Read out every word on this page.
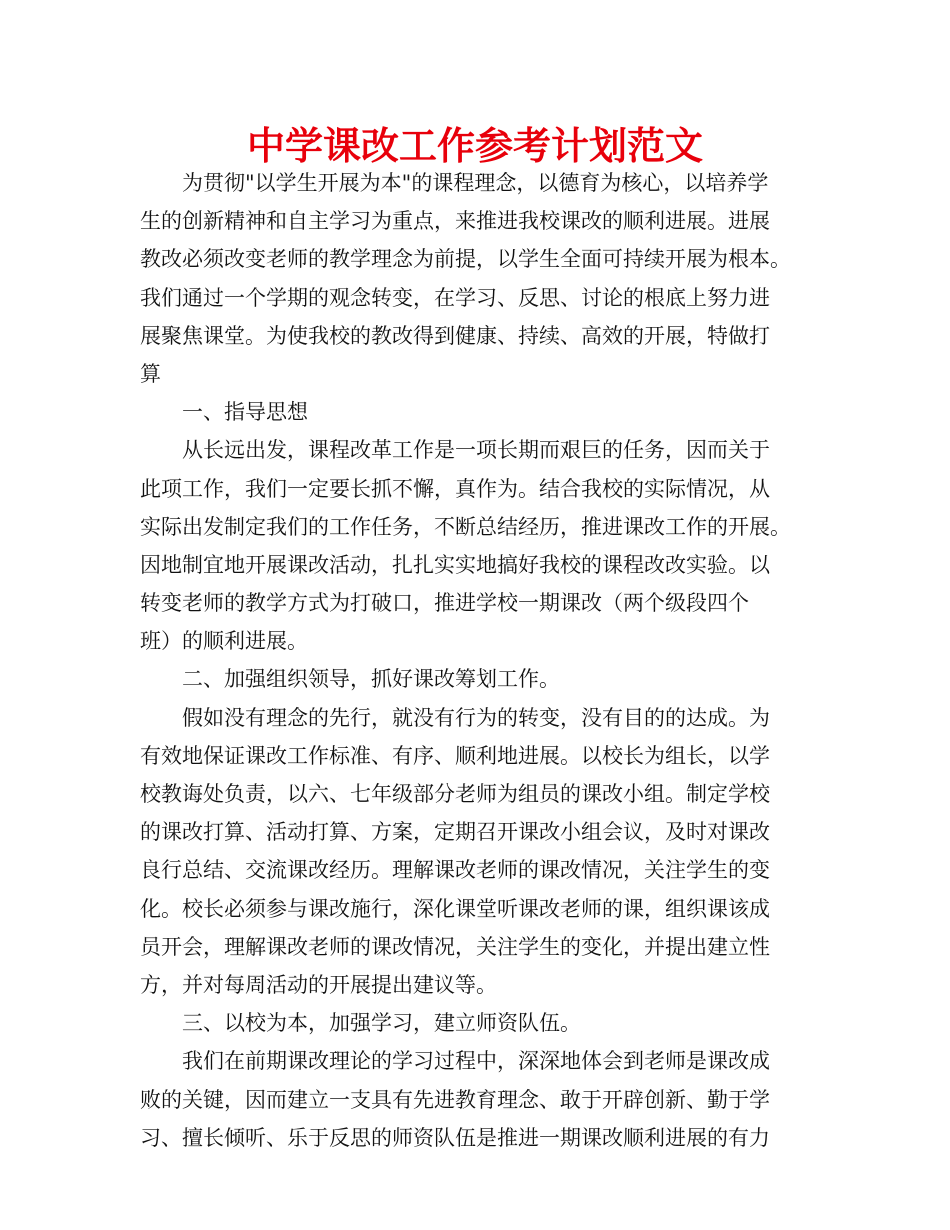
中学课改工作参考计划范文
为贯彻"以学生开展为本"的课程理念，以德育为核心，以培养学
生的创新精神和自主学习为重点，来推进我校课改的顺利进展。进展
教改必须改变老师的教学理念为前提，以学生全面可持续开展为根本。
我们通过一个学期的观念转变，在学习、反思、讨论的根底上努力进
展聚焦课堂。为使我校的教改得到健康、持续、高效的开展，特做打
算
一、指导思想
从长远出发，课程改革工作是一项长期而艰巨的任务，因而关于
此项工作，我们一定要长抓不懈，真作为。结合我校的实际情况，从
实际出发制定我们的工作任务，不断总结经历，推进课改工作的开展。
因地制宜地开展课改活动，扎扎实实地搞好我校的课程改改实验。以
转变老师的教学方式为打破口，推进学校一期课改（两个级段四个
班）的顺利进展。
二、加强组织领导，抓好课改筹划工作。
假如没有理念的先行，就没有行为的转变，没有目的的达成。为
有效地保证课改工作标准、有序、顺利地进展。以校长为组长，以学
校教诲处负责，以六、七年级部分老师为组员的课改小组。制定学校
的课改打算、活动打算、方案，定期召开课改小组会议，及时对课改
良行总结、交流课改经历。理解课改老师的课改情况，关注学生的变
化。校长必须参与课改施行，深化课堂听课改老师的课，组织课该成
员开会，理解课改老师的课改情况，关注学生的变化，并提出建立性
方，并对每周活动的开展提出建议等。
三、以校为本，加强学习，建立师资队伍。
我们在前期课改理论的学习过程中，深深地体会到老师是课改成
败的关键，因而建立一支具有先进教育理念、敢于开辟创新、勤于学
习、擅长倾听、乐于反思的师资队伍是推进一期课改顺利进展的有力
